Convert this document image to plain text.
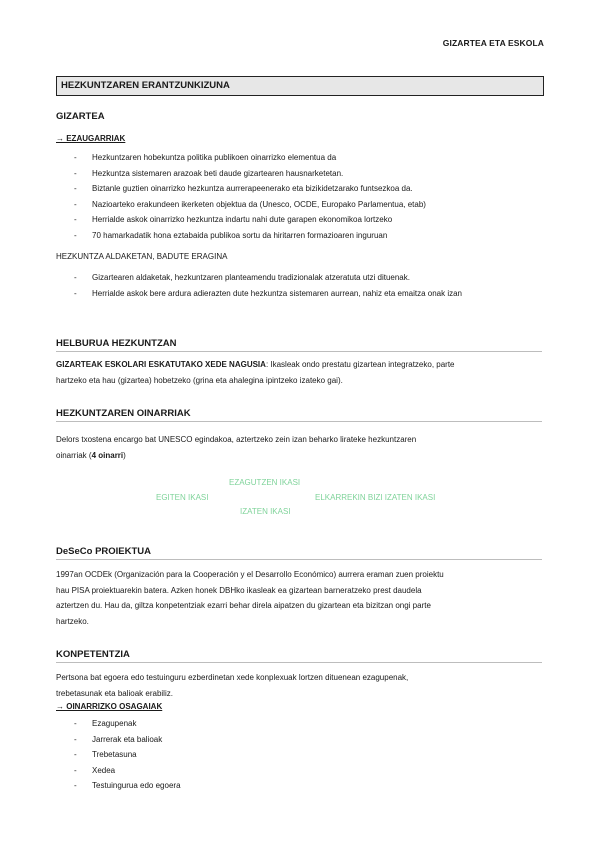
GIZARTEA ETA ESKOLA
HEZKUNTZAREN ERANTZUNKIZUNA
GIZARTEA
→ EZAUGARRIAK
- Hezkuntzaren hobekuntza politika publikoen oinarrizko elementua da
- Hezkuntza sistemaren arazoak beti daude gizartearen hausnarketetan.
- Biztanle guztien oinarrizko hezkuntza aurrerapeenerako eta bizikidetzarako funtsezkoa da.
- Nazioarteko erakundeen ikerketen objektua da (Unesco, OCDE, Europako Parlamentua, etab)
- Herrialde askok oinarrizko hezkuntza indartu nahi dute garapen ekonomikoa lortzeko
- 70 hamarkadatik hona eztabaida publikoa sortu da hiritarren formazioaren inguruan
HEZKUNTZA ALDAKETAN, BADUTE ERAGINA
- Gizartearen aldaketak, hezkuntzaren planteamendu tradizionalak atzeratuta utzi dituenak.
- Herrialde askok bere ardura adierazten dute hezkuntza sistemaren aurrean, nahiz eta emaitza onak izan
HELBURUA HEZKUNTZAN

GIZARTEAK ESKOLARI ESKATUTAKO XEDE NAGUSIA: Ikasleak ondo prestatu gizartean integratzeko, parte

hartzeko eta hau (gizartea) hobetzeko (grina eta ahalegina ipintzeko izateko gai).

HEZKUNTZAREN OINARRIAK

Delors txostena encargo bat UNESCO egindakoa, aztertzeko zein izan beharko lirateke hezkuntzaren

oinarriak (4 oinarri)

EZAGUTZEN IKASI
EGITEN IKASI	ELKARREKIN BIZI IZATEN IKASI
IZATEN IKASI
DeSeCo PROIEKTUA

1997an OCDEk (Organización para la Cooperación y el Desarrollo Económico) aurrera eraman zuen proiektu

hau PISA proiektuarekin batera. Azken honek DBHko ikasleak ea gizartean barneratzeko prest daudela

aztertzen du. Hau da, giltza konpetentziak ezarri behar direla aipatzen du gizartean eta bizitzan ongi parte

hartzeko.

KONPETENTZIA

Pertsona bat egoera edo testuinguru ezberdinetan xede konplexuak lortzen dituenean ezagupenak,

trebetasunak eta balioak erabiliz.

→ OINARRIZKO OSAGAIAK
- Ezagupenak
- Jarrerak eta balioak
- Trebetasuna
- Xedea
- Testuingurua edo egoera
